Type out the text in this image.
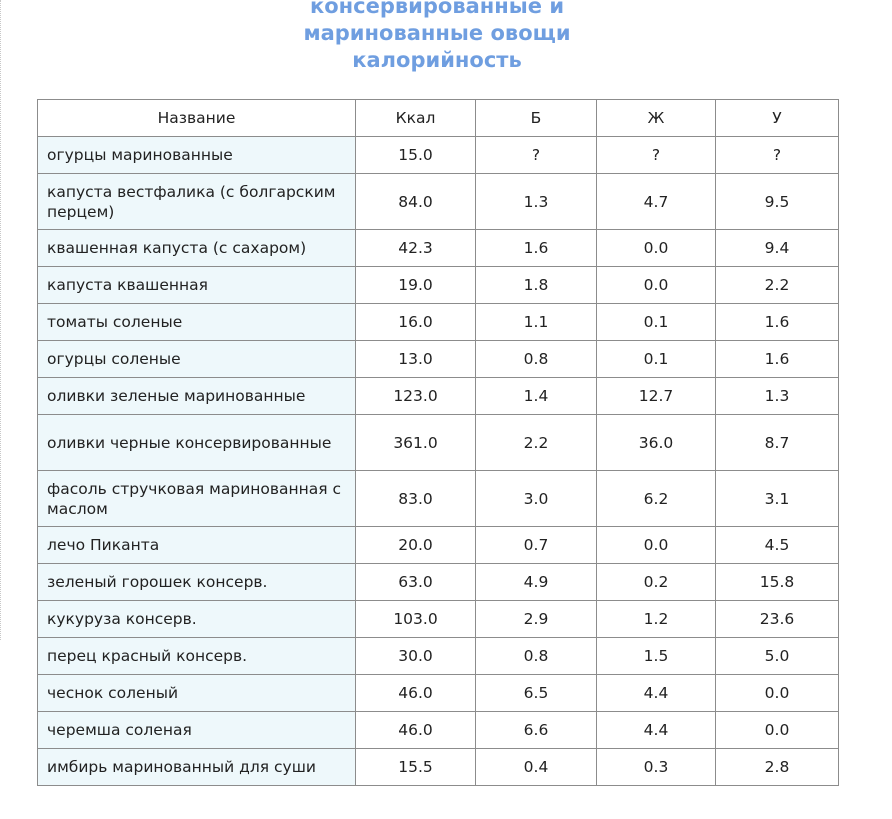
консервированные и
маринованные овощи
калорийность
Название	Ккал	Б	Ж	У
огурцы маринованные	15.0	?	?	?
капуста вестфалика (с болгарским перцем)	84.0	1.3	4.7	9.5
квашенная капуста (с сахаром)	42.3	1.6	0.0	9.4
капуста квашенная	19.0	1.8	0.0	2.2
томаты соленые	16.0	1.1	0.1	1.6
огурцы соленые	13.0	0.8	0.1	1.6
оливки зеленые маринованные	123.0	1.4	12.7	1.3
оливки черные консервированные	361.0	2.2	36.0	8.7
фасоль стручковая маринованная с маслом	83.0	3.0	6.2	3.1
лечо Пиканта	20.0	0.7	0.0	4.5
зеленый горошек консерв.	63.0	4.9	0.2	15.8
кукуруза консерв.	103.0	2.9	1.2	23.6
перец красный консерв.	30.0	0.8	1.5	5.0
чеснок соленый	46.0	6.5	4.4	0.0
черемша соленая	46.0	6.6	4.4	0.0
имбирь маринованный для суши	15.5	0.4	0.3	2.8
